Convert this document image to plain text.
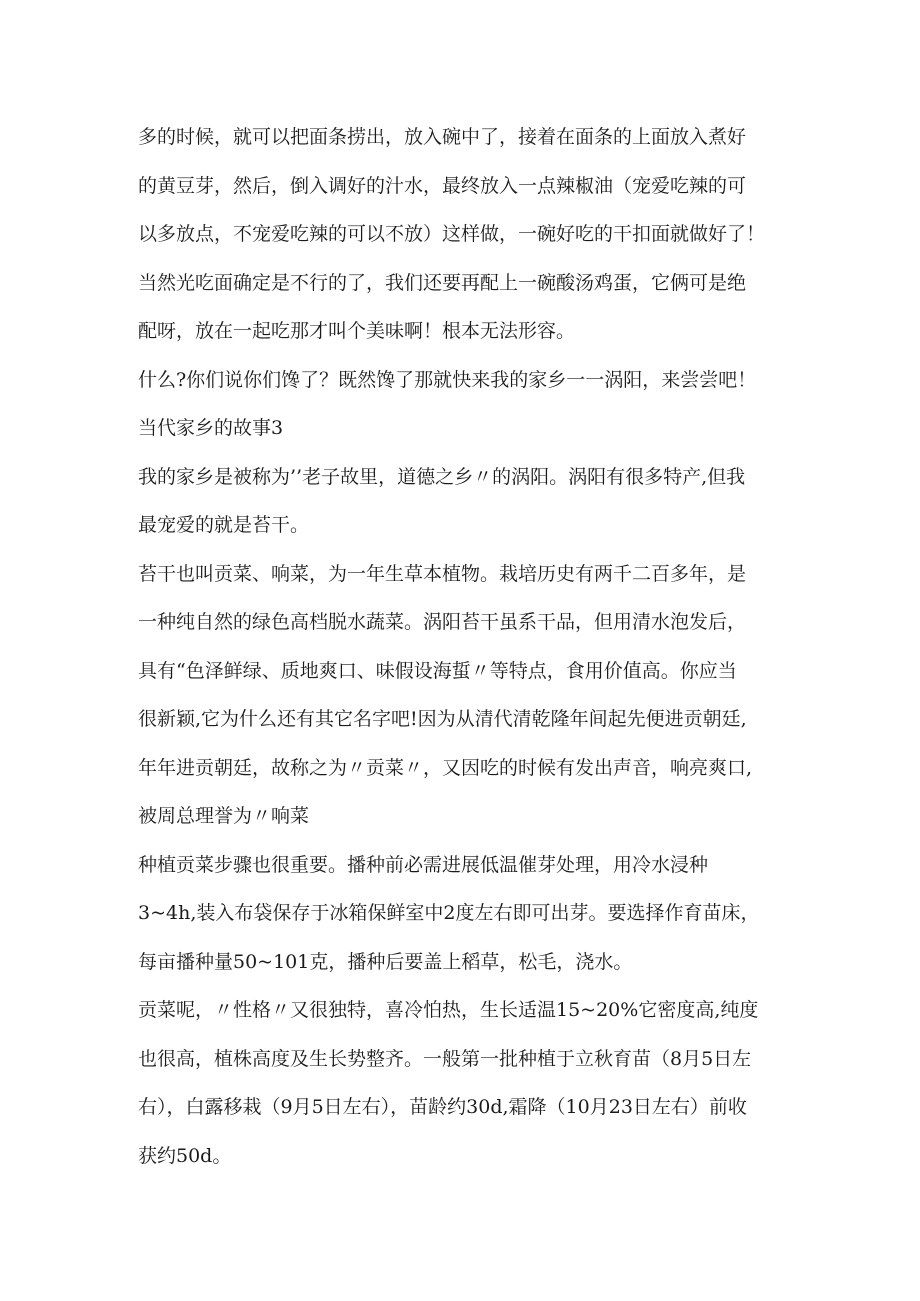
多的时候，就可以把面条捞出，放入碗中了，接着在面条的上面放入煮好
的黄豆芽，然后，倒入调好的汁水，最终放入一点辣椒油（宠爱吃辣的可
以多放点，不宠爱吃辣的可以不放）这样做，一碗好吃的干扣面就做好了！
当然光吃面确定是不行的了，我们还要再配上一碗酸汤鸡蛋，它俩可是绝
配呀，放在一起吃那才叫个美味啊！根本无法形容。
什么?你们说你们馋了？既然馋了那就快来我的家乡一一涡阳，来尝尝吧！
当代家乡的故事3
我的家乡是被称为’’老子故里，道德之乡〃的涡阳。涡阳有很多特产,但我
最宠爱的就是苔干。
苔干也叫贡菜、响菜，为一年生草本植物。栽培历史有两千二百多年，是
一种纯自然的绿色高档脱水蔬菜。涡阳苔干虽系干品，但用清水泡发后，
具有“色泽鲜绿、质地爽口、味假设海蜇〃等特点，食用价值高。你应当
很新颖,它为什么还有其它名字吧!因为从清代清乾隆年间起先便进贡朝廷,
年年进贡朝廷，故称之为〃贡菜〃，又因吃的时候有发出声音，响亮爽口,
被周总理誉为〃响菜
种植贡菜步骤也很重要。播种前必需进展低温催芽处理，用冷水浸种
3~4h,装入布袋保存于冰箱保鲜室中2度左右即可出芽。要选择作育苗床，
每亩播种量50~101克，播种后要盖上稻草，松毛，浇水。
贡菜呢，〃性格〃又很独特，喜冷怕热，生长适温15~20%它密度高,纯度
也很高，植株高度及生长势整齐。一般第一批种植于立秋育苗（8月5日左
右），白露移栽（9月5日左右），苗龄约30d,霜降（10月23日左右）前收
获约50d。
